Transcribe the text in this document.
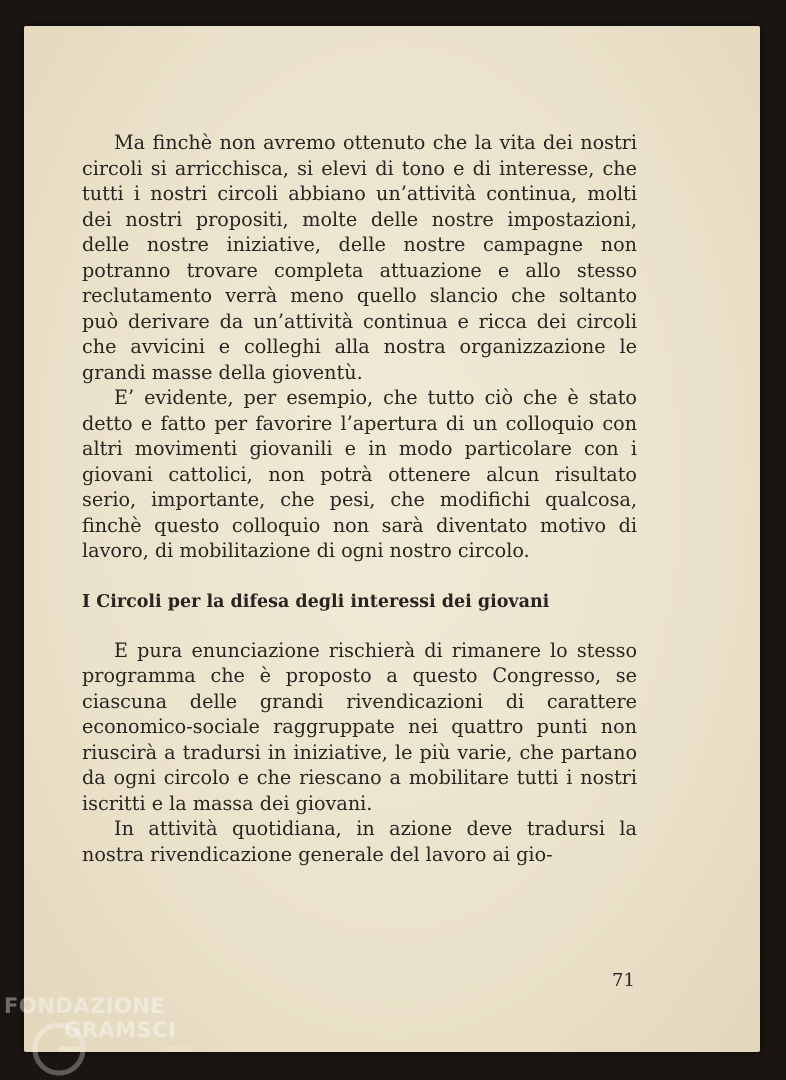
Ma finchè non avremo ottenuto che la vita dei nostri circoli si arricchisca, si elevi di tono e di interesse, che tutti i nostri circoli abbiano un’attività continua, molti dei nostri propositi, molte delle nostre impostazioni, delle nostre iniziative, delle nostre campagne non potranno trovare completa attuazione e allo stesso reclutamento verrà meno quello slancio che soltanto può derivare da un’attività continua e ricca dei circoli che avvicini e colleghi alla nostra organizzazione le grandi masse della gioventù.

E’ evidente, per esempio, che tutto ciò che è stato detto e fatto per favorire l’apertura di un colloquio con altri movimenti giovanili e in modo particolare con i giovani cattolici, non potrà ottenere alcun risultato serio, importante, che pesi, che modifichi qualcosa, finchè questo colloquio non sarà diventato motivo di lavoro, di mobilitazione di ogni nostro circolo.

I Circoli per la difesa degli interessi dei giovani

E pura enunciazione rischierà di rimanere lo stesso programma che è proposto a questo Congresso, se ciascuna delle grandi rivendicazioni di carattere economico-sociale raggruppate nei quattro punti non riuscirà a tradursi in iniziative, le più varie, che partano da ogni circolo e che riescano a mobilitare tutti i nostri iscritti e la massa dei giovani.

In attività quotidiana, in azione deve tradursi la nostra rivendicazione generale del lavoro ai gio-

71
FONDAZIONE
GRAMSCI
onlus
